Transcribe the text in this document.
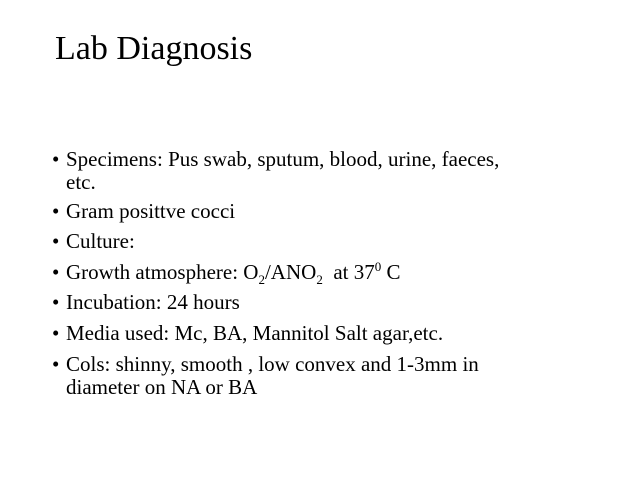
Lab Diagnosis
• Specimens: Pus swab, sputum, blood, urine, faeces,
etc.
• Gram posittve cocci
• Culture:
• Growth atmosphere: $O_2/ANO_2$  at $37^0$ C
• Incubation: 24 hours
• Media used: Mc, BA, Mannitol Salt agar,etc.
• Cols: shinny, smooth , low convex and 1-3mm in
diameter on NA or BA
